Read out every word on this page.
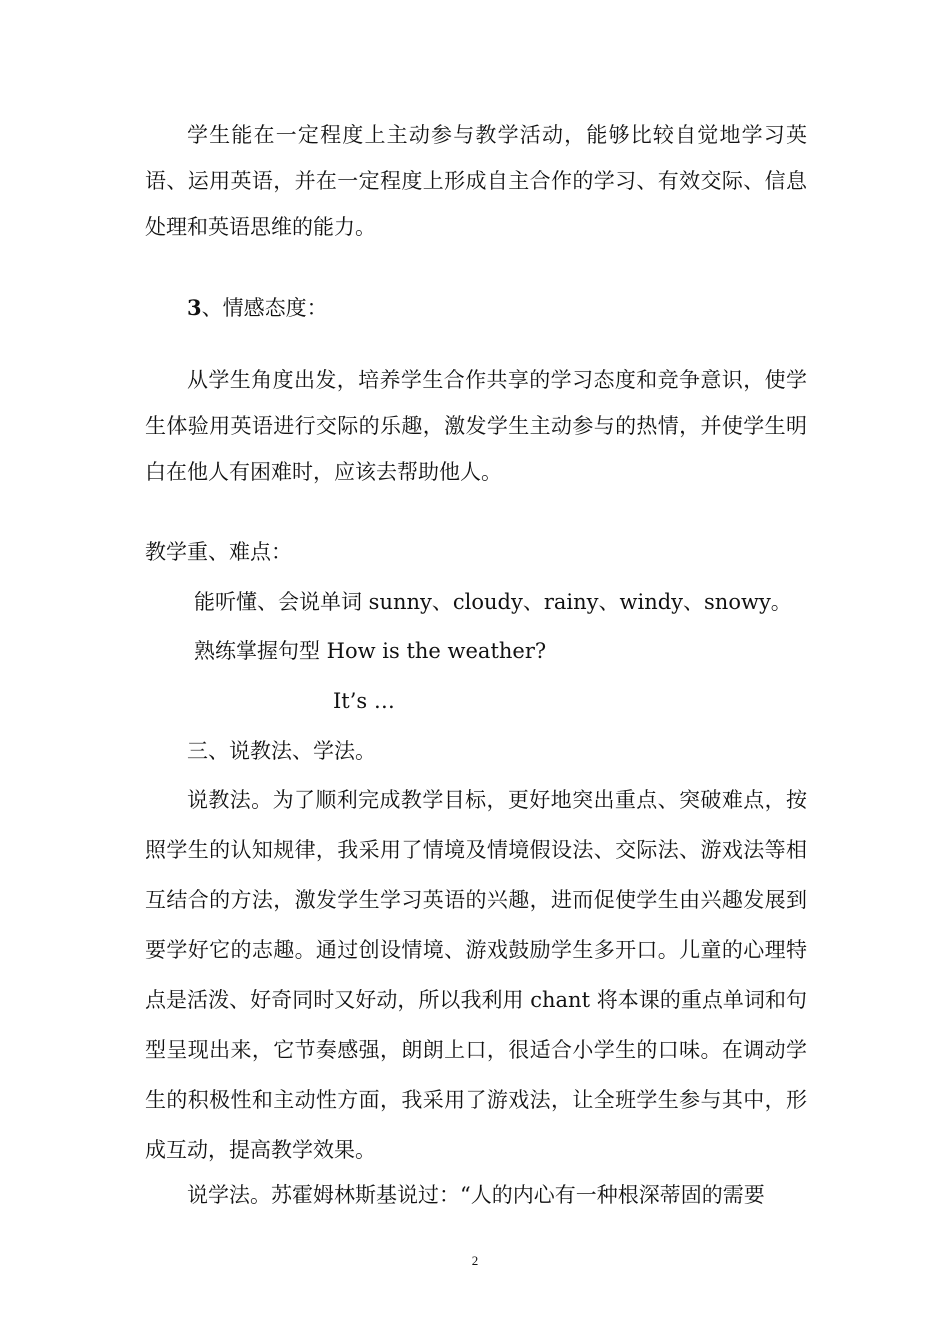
学生能在一定程度上主动参与教学活动，能够比较自觉地学习英语、运用英语，并在一定程度上形成自主合作的学习、有效交际、信息处理和英语思维的能力。

3、情感态度：

从学生角度出发，培养学生合作共享的学习态度和竞争意识，使学生体验用英语进行交际的乐趣，激发学生主动参与的热情，并使学生明白在他人有困难时，应该去帮助他人。

教学重、难点：

能听懂、会说单词 sunny、cloudy、rainy、windy、snowy。

熟练掌握句型 How is the weather?

It’s …

三、说教法、学法。

说教法。为了顺利完成教学目标，更好地突出重点、突破难点，按照学生的认知规律，我采用了情境及情境假设法、交际法、游戏法等相互结合的方法，激发学生学习英语的兴趣，进而促使学生由兴趣发展到要学好它的志趣。通过创设情境、游戏鼓励学生多开口。儿童的心理特点是活泼、好奇同时又好动，所以我利用 chant 将本课的重点单词和句型呈现出来，它节奏感强，朗朗上口，很适合小学生的口味。在调动学生的积极性和主动性方面，我采用了游戏法，让全班学生参与其中，形成互动，提高教学效果。

说学法。苏霍姆林斯基说过：“人的内心有一种根深蒂固的需要

2
